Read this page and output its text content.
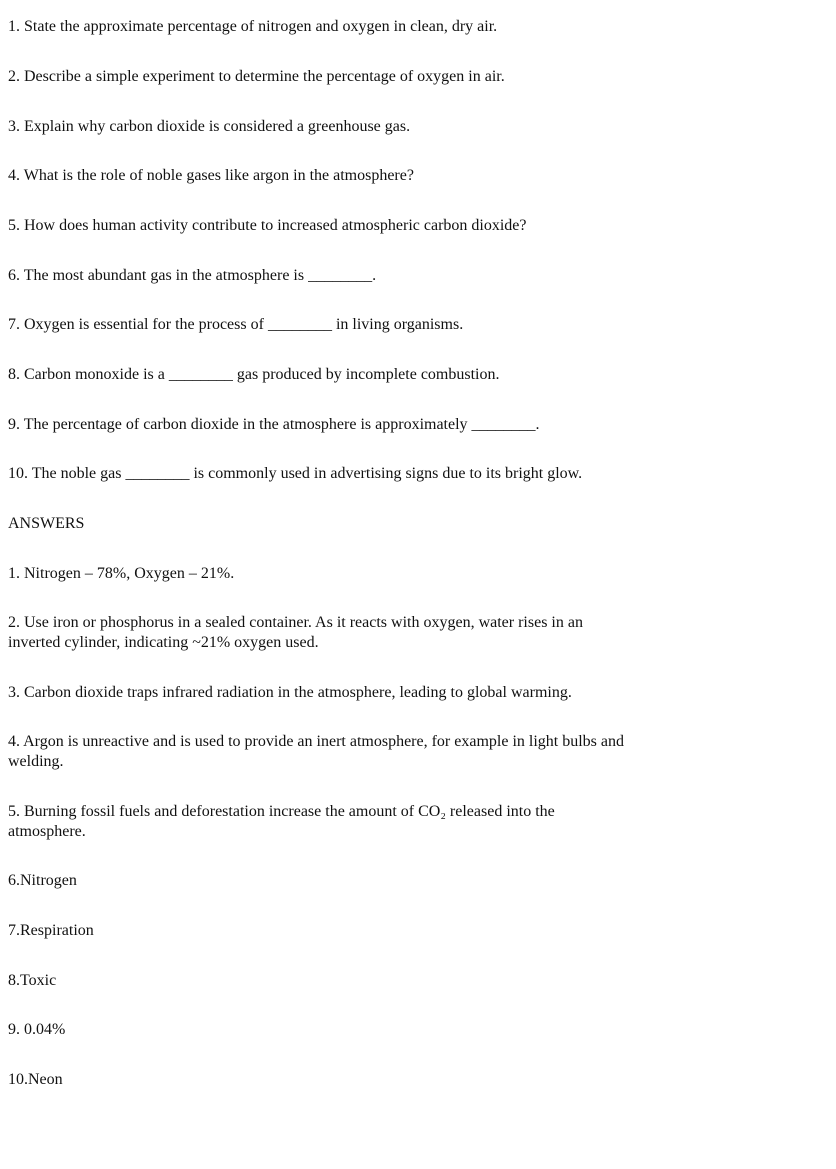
1. State the approximate percentage of nitrogen and oxygen in clean, dry air.
2. Describe a simple experiment to determine the percentage of oxygen in air.
3. Explain why carbon dioxide is considered a greenhouse gas.
4. What is the role of noble gases like argon in the atmosphere?
5. How does human activity contribute to increased atmospheric carbon dioxide?
6. The most abundant gas in the atmosphere is ________.
7. Oxygen is essential for the process of ________ in living organisms.
8. Carbon monoxide is a ________ gas produced by incomplete combustion.
9. The percentage of carbon dioxide in the atmosphere is approximately ________.
10. The noble gas ________ is commonly used in advertising signs due to its bright glow.
ANSWERS
1. Nitrogen – 78%, Oxygen – 21%.
2. Use iron or phosphorus in a sealed container. As it reacts with oxygen, water rises in an
inverted cylinder, indicating ~21% oxygen used.
3. Carbon dioxide traps infrared radiation in the atmosphere, leading to global warming.
4. Argon is unreactive and is used to provide an inert atmosphere, for example in light bulbs and
welding.
5. Burning fossil fuels and deforestation increase the amount of CO₂ released into the
atmosphere.
6.Nitrogen
7.Respiration
8.Toxic
9. 0.04%
10.Neon
